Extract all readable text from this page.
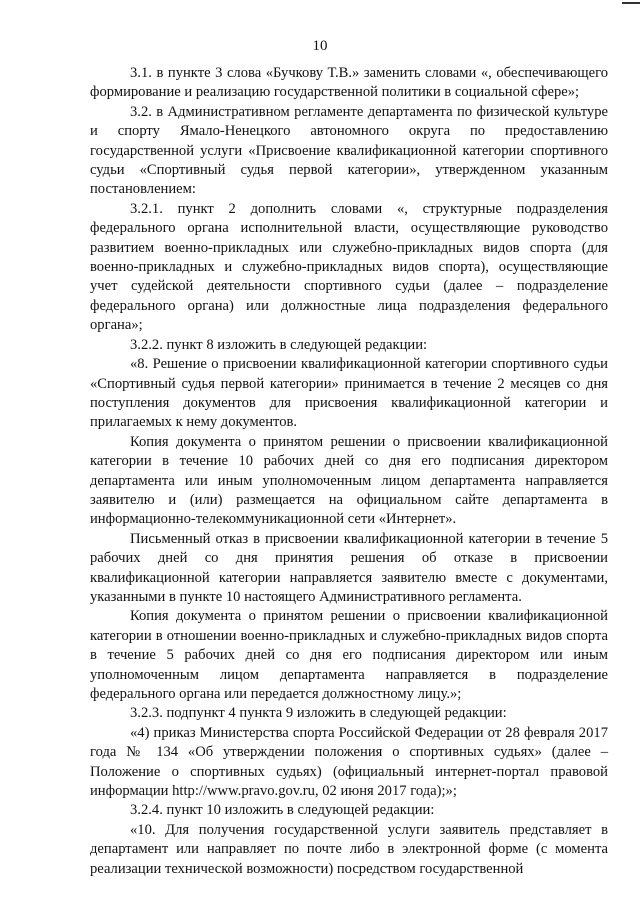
10

3.1. в пункте 3 слова «Бучкову Т.В.» заменить словами «, обеспечивающего формирование и реализацию государственной политики в социальной сфере»;

3.2. в Административном регламенте департамента по физической культуре и спорту Ямало-Ненецкого автономного округа по предоставлению государственной услуги «Присвоение квалификационной категории спортивного судьи «Спортивный судья первой категории», утвержденном указанным постановлением:

3.2.1. пункт 2 дополнить словами «, структурные подразделения федерального органа исполнительной власти, осуществляющие руководство развитием военно-прикладных или служебно-прикладных видов спорта (для военно-прикладных и служебно-прикладных видов спорта), осуществляющие учет судейской деятельности спортивного судьи (далее – подразделение федерального органа) или должностные лица подразделения федерального органа»;

3.2.2. пункт 8 изложить в следующей редакции:

«8. Решение о присвоении квалификационной категории спортивного судьи «Спортивный судья первой категории» принимается в течение 2 месяцев со дня поступления документов для присвоения квалификационной категории и прилагаемых к нему документов.

Копия документа о принятом решении о присвоении квалификационной категории в течение 10 рабочих дней со дня его подписания директором департамента или иным уполномоченным лицом департамента направляется заявителю и (или) размещается на официальном сайте департамента в информационно-телекоммуникационной сети «Интернет».

Письменный отказ в присвоении квалификационной категории в течение 5 рабочих дней со дня принятия решения об отказе в присвоении квалификационной категории направляется заявителю вместе с документами, указанными в пункте 10 настоящего Административного регламента.

Копия документа о принятом решении о присвоении квалификационной категории в отношении военно-прикладных и служебно-прикладных видов спорта в течение 5 рабочих дней со дня его подписания директором или иным уполномоченным лицом департамента направляется в подразделение федерального органа или передается должностному лицу.»;

3.2.3. подпункт 4 пункта 9 изложить в следующей редакции:

«4) приказ Министерства спорта Российской Федерации от 28 февраля 2017 года № 134 «Об утверждении положения о спортивных судьях» (далее – Положение о спортивных судьях) (официальный интернет-портал правовой информации http://www.pravo.gov.ru, 02 июня 2017 года);»;

3.2.4. пункт 10 изложить в следующей редакции:

«10. Для получения государственной услуги заявитель представляет в департамент или направляет по почте либо в электронной форме (с момента реализации технической возможности) посредством государственной
